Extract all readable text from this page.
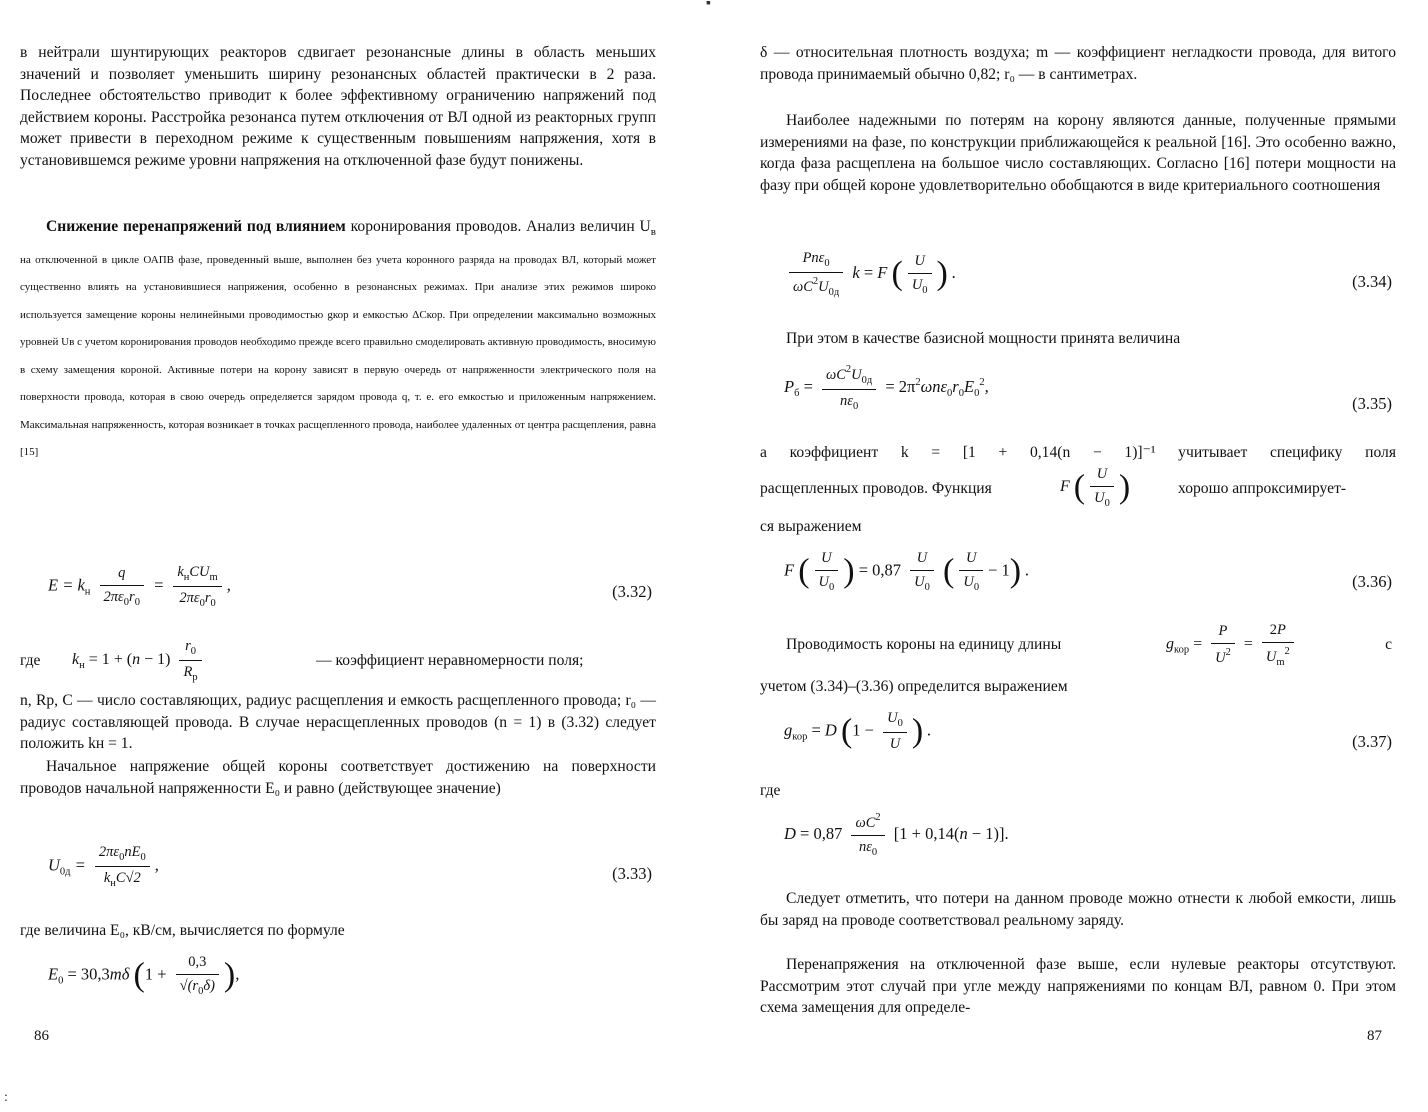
в нейтрали шунтирующих реакторов сдвигает резонансные длины в область меньших значений и позволяет уменьшить ширину резонансных областей практически в 2 раза. Последнее обстоятельство приводит к более эффективному ограничению напряжений под действием короны. Расстройка резонанса путем отключения от ВЛ одной из реакторных групп может привести в переходном режиме к существенным повышениям напряжения, хотя в установившемся режиме уровни напряжения на отключенной фазе будут понижены.

Снижение перенапряжений под влиянием коронирования проводов. Анализ величин Uв на отключенной в цикле ОАПВ фазе, проведенный выше, выполнен без учета коронного разряда на проводах ВЛ, который может существенно влиять на установившиеся напряжения, особенно в резонансных режимах. При анализе этих режимов широко используется замещение короны нелинейными проводимостью gкор и емкостью ΔCкор. При определении максимально возможных уровней Uв с учетом коронирования проводов необходимо прежде всего правильно смоделировать активную проводимость, вносимую в схему замещения короной. Активные потери на корону зависят в первую очередь от напряженности электрического поля на поверхности провода, которая в свою очередь определяется зарядом провода q, т. е. его емкостью и приложенным напряжением. Максимальная напряженность, которая возникает в точках расщепленного провода, наиболее удаленных от центра расщепления, равна [15]

$E = k_н \frac{q}{2\pi\varepsilon_0r_0} = \frac{k_нCU_m}{2\pi\varepsilon_0r_0}$ ,	(3.32)
где $k_н = 1 + (n - 1) \frac{r_0}{R_р}$	— коэффициент неравномерности поля;

n, Rр, C — число составляющих, радиус расщепления и емкость расщепленного провода; r₀ — радиус составляющей провода. В случае нерасщепленных проводов (n = 1) в (3.32) следует положить kн = 1.

Начальное напряжение общей короны соответствует достижению на поверхности проводов начальной напряженности E₀ и равно (действующее значение)

$U_{0д} = \frac{2\pi\varepsilon_0nE_0}{k_нC√2}$ ,	(3.33)

где величина E₀, кВ/см, вычисляется по формуле

$E_0 = 30,3m\delta$ ($1 + \frac{0,3}{√(r_0\delta)}$ ),
86

δ — относительная плотность воздуха; m — коэффициент негладкости провода, для витого провода принимаемый обычно 0,82; r₀ — в сантиметрах.

Наиболее надежными по потерям на корону являются данные, полученные прямыми измерениями на фазе, по конструкции приближающейся к реальной [16]. Это особенно важно, когда фаза расщеплена на большое число составляющих. Согласно [16] потери мощности на фазу при общей короне удовлетворительно обобщаются в виде критериального соотношения

$\frac{Pn\varepsilon_0}{\omega C^2U_{0д}}$ k = F ( $\frac{U}{U_0}$ ) .	(3.34)

При этом в качестве базисной мощности принята величина

$P_б = \frac{\omega C^2U_{0д}}{n\varepsilon_0} = 2\pi^2\omega n\varepsilon_0r_0E_0^2$,
(3.35)

а коэффициент k = [1 + 0,14(n − 1)]⁻¹ учитывает специфику поля

расщепленных проводов. Функция	F ( $\frac{U}{U_0}$ )	хорошо аппроксимирует-

ся выражением

F ( $\frac{U}{U_0}$ ) = $0,87 \frac{U}{U_0}$ ( $\frac{U}{U_0} - 1$) .
(3.36)
Проводимость короны на единицу длины	$g_{кор} = \frac{P}{U^2} = \frac{2P}{U_m^2}$	с

учетом (3.34)–(3.36) определится выражением

$g_{кор} = D$ ($1 - \frac{U_0}{U}$ ) .
(3.37)

где

$D = 0,87 \frac{\omega C^2}{n\varepsilon_0} [1 + 0,14(n - 1)]$.

Следует отметить, что потери на данном проводе можно отнести к любой емкости, лишь бы заряд на проводе соответствовал реальному заряду.

Перенапряжения на отключенной фазе выше, если нулевые реакторы отсутствуют. Рассмотрим этот случай при угле между напряжениями по концам ВЛ, равном 0. При этом схема замещения для определе-

87
▪
:
